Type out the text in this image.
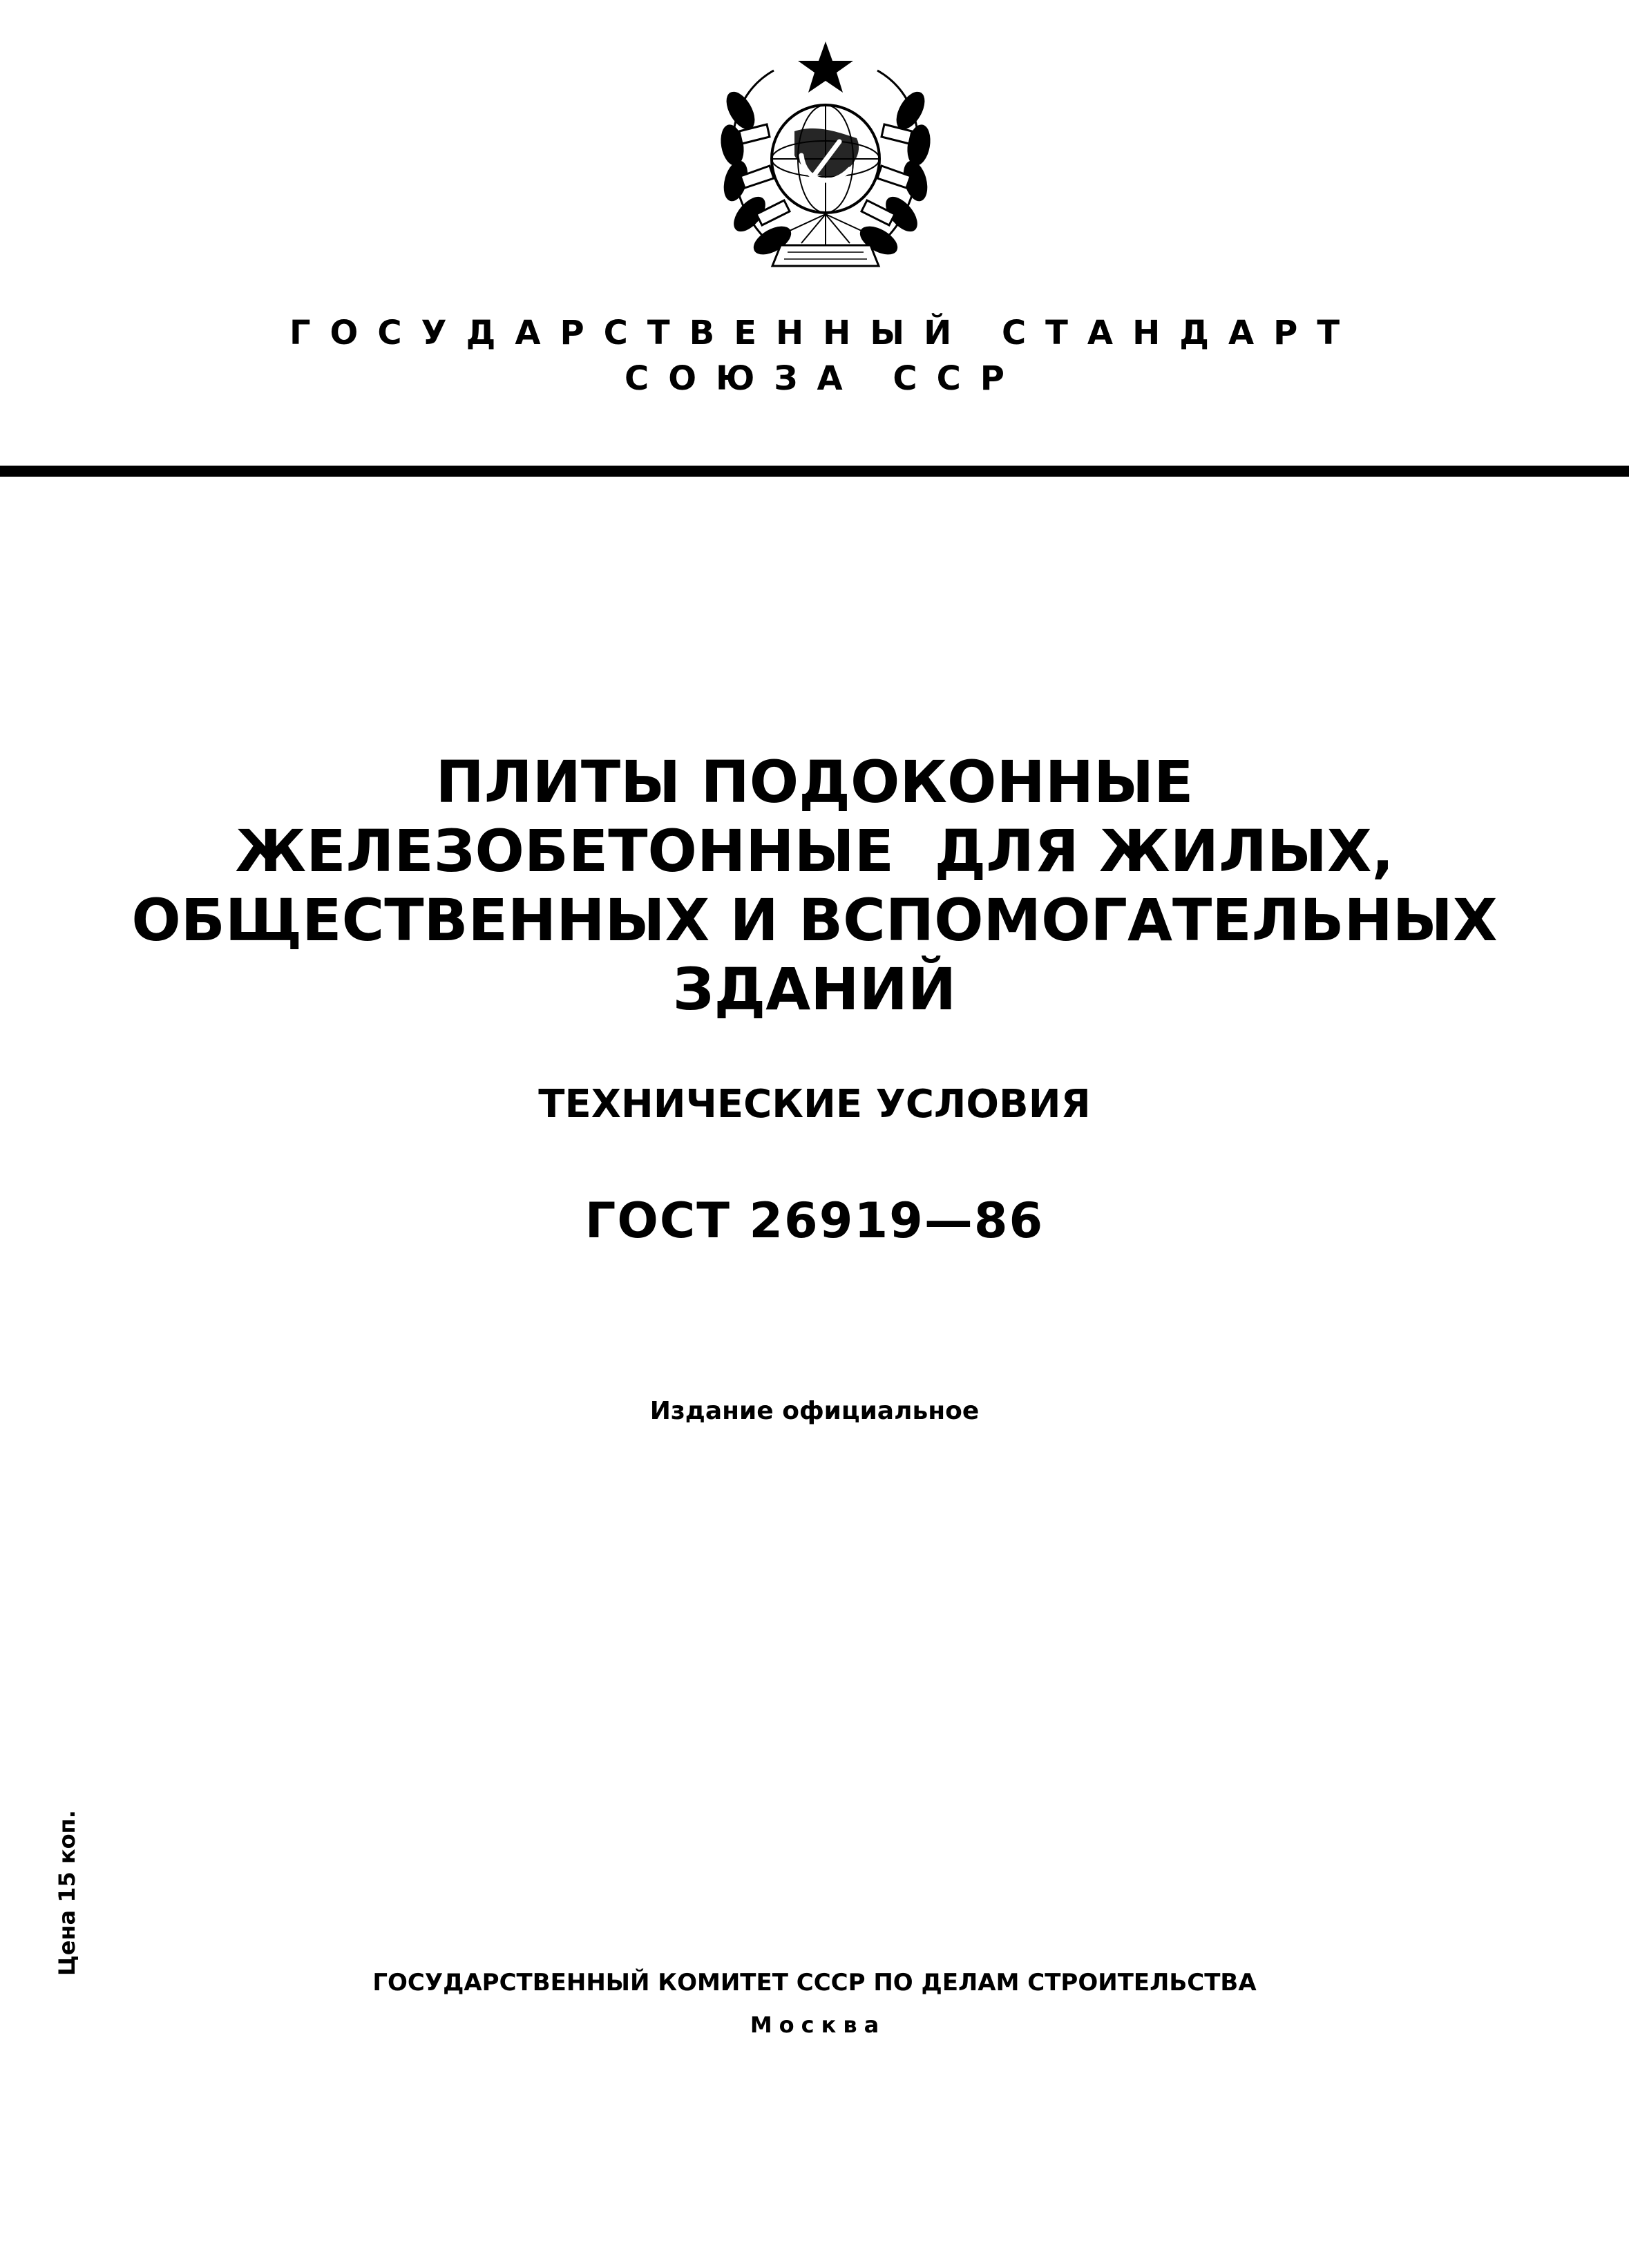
ГОСУДАРСТВЕННЫЙ СТАНДАРТ
СОЮЗА ССР
ПЛИТЫ ПОДОКОННЫЕ
ЖЕЛЕЗОБЕТОННЫЕ  ДЛЯ ЖИЛЫХ,
ОБЩЕСТВЕННЫХ И ВСПОМОГАТЕЛЬНЫХ
ЗДАНИЙ
ТЕХНИЧЕСКИЕ УСЛОВИЯ
ГОСТ 26919—86
Издание официальное
Цена 15 коп.
ГОСУДАРСТВЕННЫЙ КОМИТЕТ СССР ПО ДЕЛАМ СТРОИТЕЛЬСТВА
Москва
